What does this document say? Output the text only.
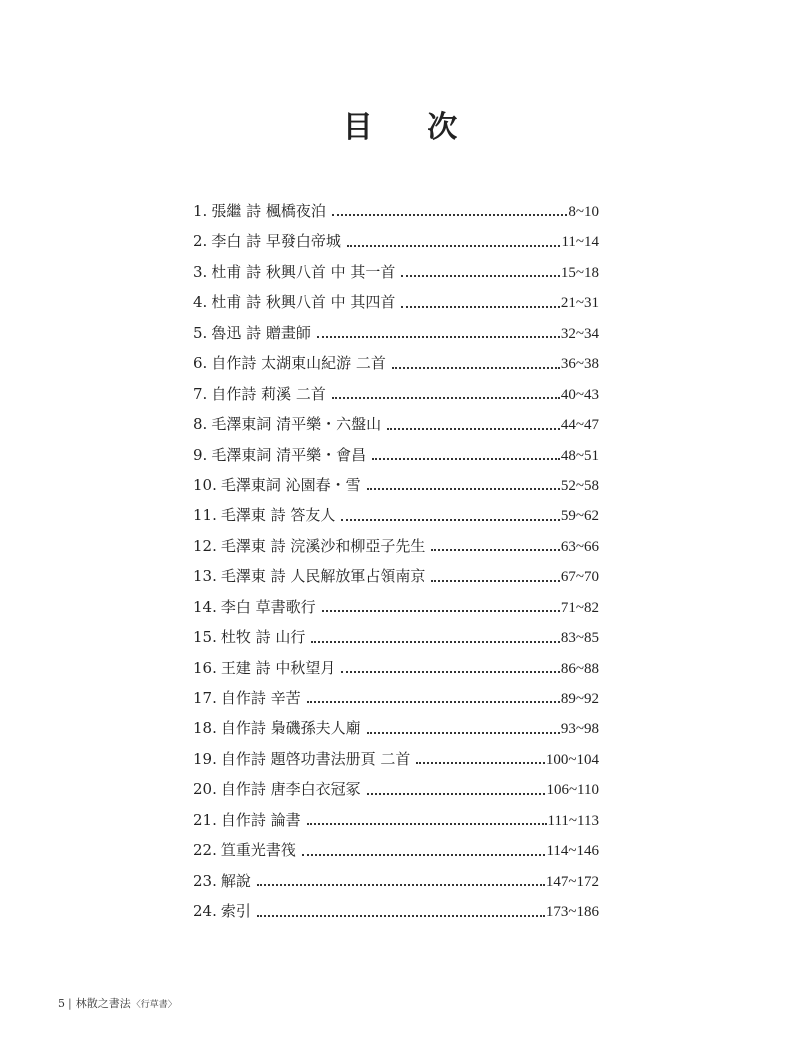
目 次
1. 張繼 詩 楓橋夜泊	8~10
2. 李白 詩 早發白帝城	11~14
3. 杜甫 詩 秋興八首 中 其一首	15~18
4. 杜甫 詩 秋興八首 中 其四首	21~31
5. 魯迅 詩 贈畫師	32~34
6. 自作詩 太湖東山紀游 二首	36~38
7. 自作詩 莉溪 二首	40~43
8. 毛澤東詞 清平樂・六盤山	44~47
9. 毛澤東詞 清平樂・會昌	48~51
10. 毛澤東詞 沁園春・雪	52~58
11. 毛澤東 詩 答友人	59~62
12. 毛澤東 詩 浣溪沙和柳亞子先生	63~66
13. 毛澤東 詩 人民解放軍占領南京	67~70
14. 李白 草書歌行	71~82
15. 杜牧 詩 山行	83~85
16. 王建 詩 中秋望月	86~88
17. 自作詩 辛苦	89~92
18. 自作詩 梟磯孫夫人廟	93~98
19. 自作詩 題啓功書法册頁 二首	100~104
20. 自作詩 唐李白衣冠冢	106~110
21. 自作詩 論書	111~113
22. 笪重光書筏	114~146
23. 解說	147~172
24. 索引	173~186
5 | 林散之書法〈行草書〉
